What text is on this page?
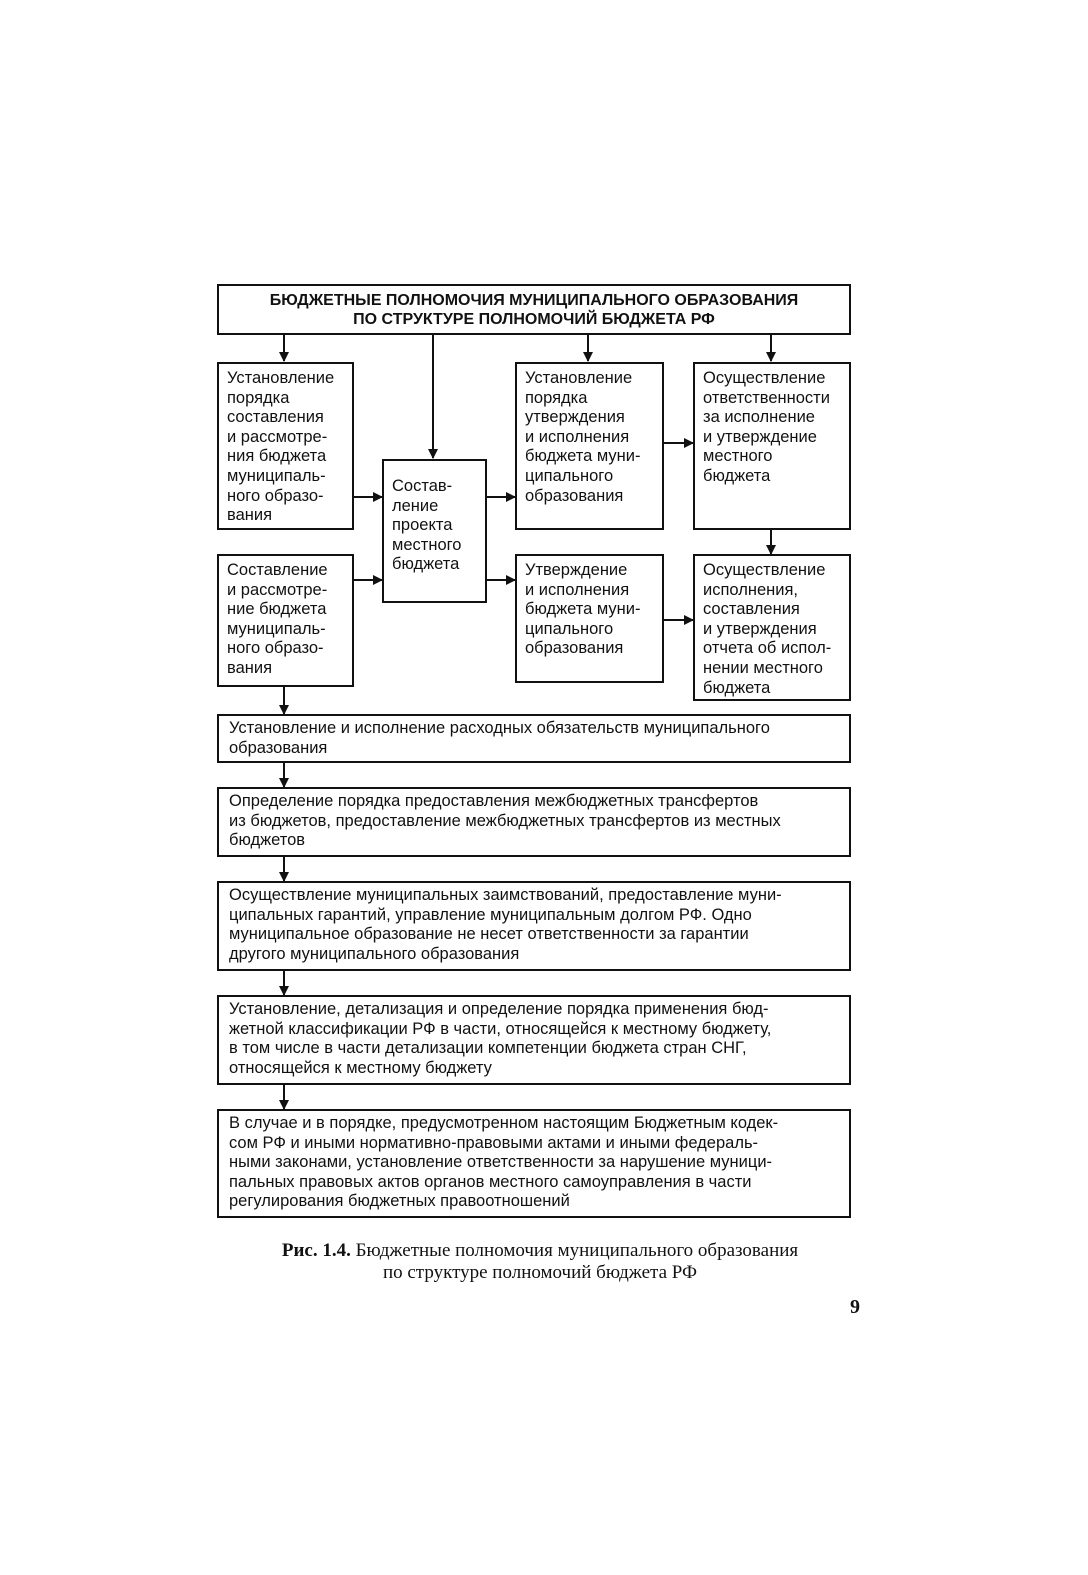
БЮДЖЕТНЫЕ ПОЛНОМОЧИЯ МУНИЦИПАЛЬНОГО ОБРАЗОВАНИЯ
ПО СТРУКТУРЕ ПОЛНОМОЧИЙ БЮДЖЕТА РФ
Установление
порядка
составления
и рассмотре-
ния бюджета
муниципаль-
ного образо-
вания
Составление
и рассмотре-
ние бюджета
муниципаль-
ного образо-
вания
Состав-
ление
проекта
местного
бюджета
Установление
порядка
утверждения
и исполнения
бюджета муни-
ципального
образования
Утверждение
и исполнения
бюджета муни-
ципального
образования
Осуществление
ответственности
за исполнение
и утверждение
местного
бюджета
Осуществление
исполнения,
составления
и утверждения
отчета об испол-
нении местного
бюджета
Установление и исполнение расходных обязательств муниципального
образования
Определение порядка предоставления межбюджетных трансфертов
из бюджетов, предоставление межбюджетных трансфертов из местных
бюджетов
Осуществление муниципальных заимствований, предоставление муни-
ципальных гарантий, управление муниципальным долгом РФ. Одно
муниципальное образование не несет ответственности за гарантии
другого муниципального образования
Установление, детализация и определение порядка применения бюд-
жетной классификации РФ в части, относящейся к местному бюджету,
в том числе в части детализации компетенции бюджета стран СНГ,
относящейся к местному бюджету
В случае и в порядке, предусмотренном настоящим Бюджетным кодек-
сом РФ и иными нормативно-правовыми актами и иными федераль-
ными законами, установление ответственности за нарушение муници-
пальных правовых актов органов местного самоуправления в части
регулирования бюджетных правоотношений
Рис. 1.4. Бюджетные полномочия муниципального образования
по структуре полномочий бюджета РФ
9
